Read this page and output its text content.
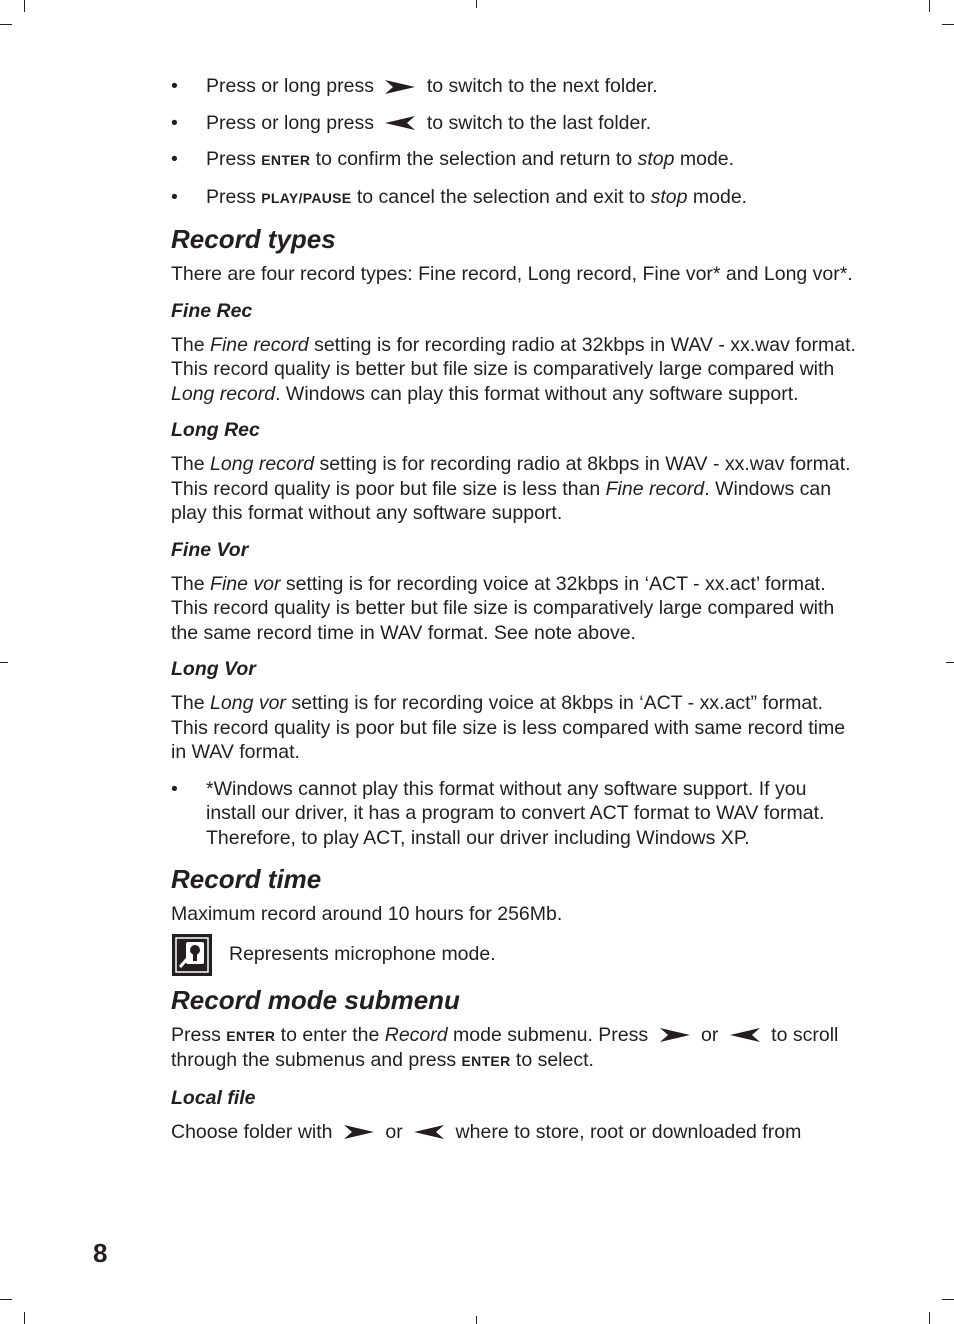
• Press or long press	to switch to the next folder.
• Press or long press	to switch to the last folder.
• Press ENTER to confirm the selection and return to stop mode.
• Press PLAY/PAUSE to cancel the selection and exit to stop mode.
Record types

There are four record types: Fine record, Long record, Fine vor* and Long vor*.

Fine Rec

The Fine record setting is for recording radio at 32kbps in WAV - xx.wav format. This record quality is better but file size is comparatively large compared with Long record. Windows can play this format without any software support.

Long Rec

The Long record setting is for recording radio at 8kbps in WAV - xx.wav format. This record quality is poor but file size is less than Fine record. Windows can play this format without any software support.

Fine Vor

The Fine vor setting is for recording voice at 32kbps in ‘ACT - xx.act’ format. This record quality is better but file size is comparatively large compared with the same record time in WAV format. See note above.

Long Vor

The Long vor setting is for recording voice at 8kbps in ‘ACT - xx.act” format. This record quality is poor but file size is less compared with same record time in WAV format.

• *Windows cannot play this format without any software support. If you install our driver, it has a program to convert ACT format to WAV format. Therefore, to play ACT, install our driver including Windows XP.
Record time

Maximum record around 10 hours for 256Mb.

Represents microphone mode.
Record mode submenu

Press ENTER to enter the Record mode submenu. Press	or	to scroll through the submenus and press ENTER to select.

Local file

Choose folder with	or	where to store, root or downloaded from

8
